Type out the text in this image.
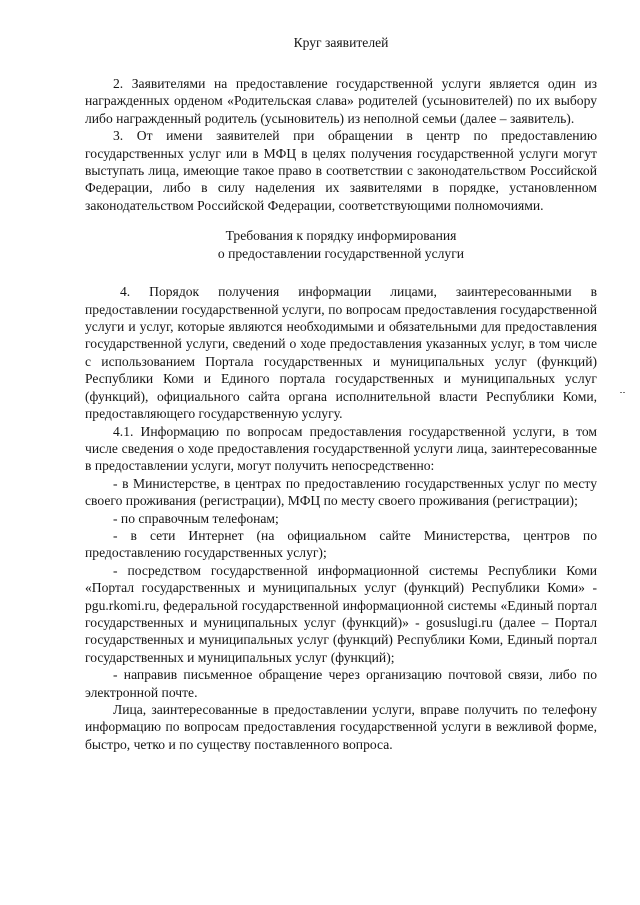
Круг заявителей

2. Заявителями на предоставление государственной услуги является один из награжденных орденом «Родительская слава» родителей (усыновителей) по их выбору либо награжденный родитель (усыновитель) из неполной семьи (далее – заявитель).

3. От имени заявителей при обращении в центр по предоставлению государственных услуг или в МФЦ в целях получения государственной услуги могут выступать лица, имеющие такое право в соответствии с законодательством Российской Федерации, либо в силу наделения их заявителями в порядке, установленном законодательством Российской Федерации, соответствующими полномочиями.

Требования к порядку информирования

о предоставлении государственной услуги

4. Порядок получения информации лицами, заинтересованными в предоставлении государственной услуги, по вопросам предоставления государственной услуги и услуг, которые являются необходимыми и обязательными для предоставления государственной услуги, сведений о ходе предоставления указанных услуг, в том числе с использованием Портала государственных и муниципальных услуг (функций) Республики Коми и Единого портала государственных и муниципальных услуг (функций), официального сайта органа исполнительной власти Республики Коми, предоставляющего государственную услугу.

4.1. Информацию по вопросам предоставления государственной услуги, в том числе сведения о ходе предоставления государственной услуги лица, заинтересованные в предоставлении услуги, могут получить непосредственно:

- в Министерстве, в центрах по предоставлению государственных услуг по месту своего проживания (регистрации), МФЦ по месту своего проживания (регистрации);

- по справочным телефонам;

- в сети Интернет (на официальном сайте Министерства, центров по предоставлению государственных услуг);

- посредством государственной информационной системы Республики Коми «Портал государственных и муниципальных услуг (функций) Республики Коми» - pgu.rkomi.ru, федеральной государственной информационной системы «Единый портал государственных и муниципальных услуг (функций)» - gosuslugi.ru (далее – Портал государственных и муниципальных услуг (функций) Республики Коми, Единый портал государственных и муниципальных услуг (функций);

- направив письменное обращение через организацию почтовой связи, либо по электронной почте.

Лица, заинтересованные в предоставлении услуги, вправе получить по телефону информацию по вопросам предоставления государственной услуги в вежливой форме, быстро, четко и по существу поставленного вопроса.
